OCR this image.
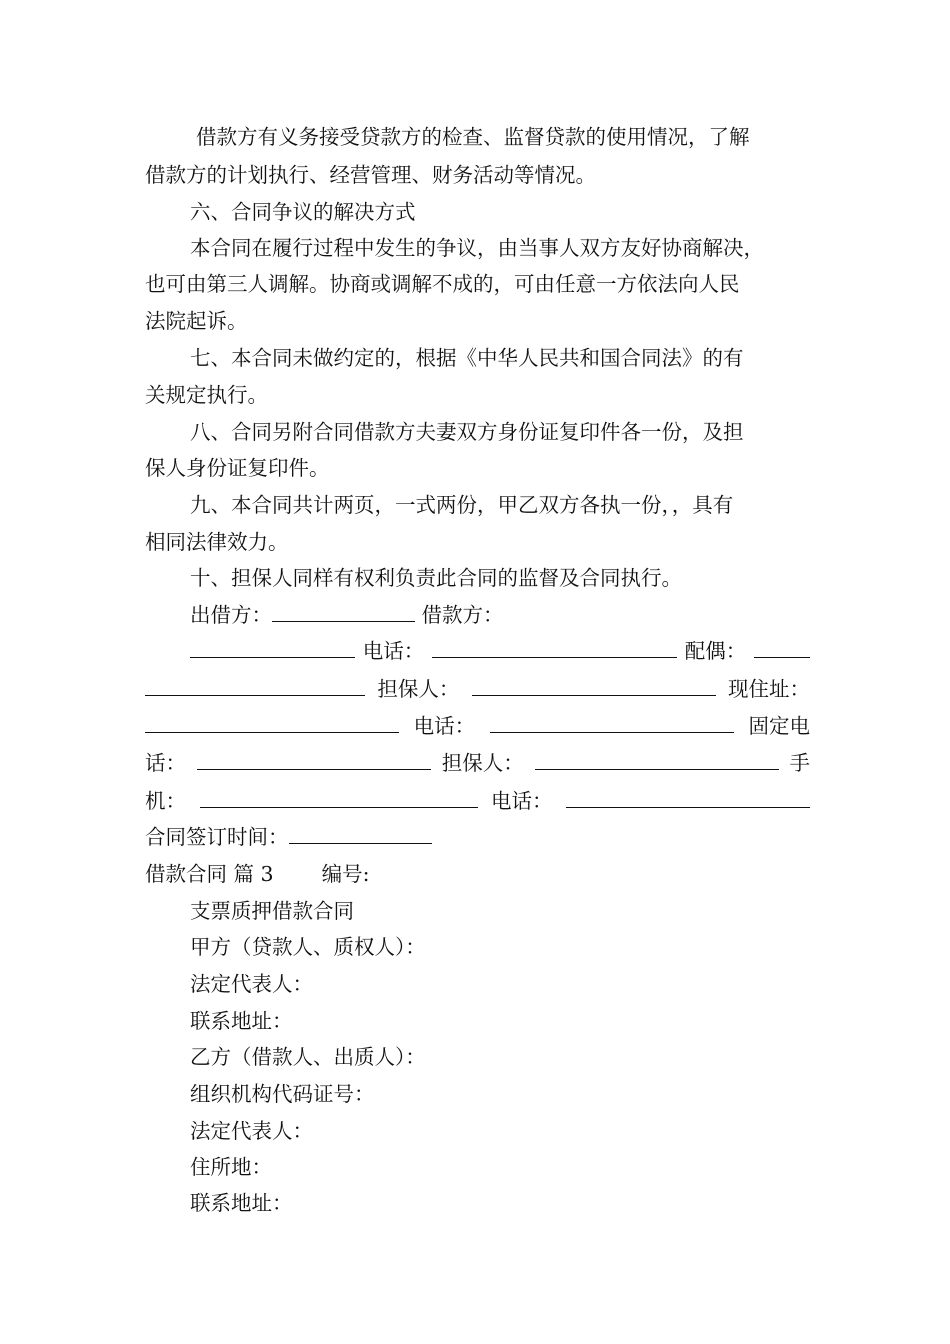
借款方有义务接受贷款方的检查、监督贷款的使用情况，了解
借款方的计划执行、经营管理、财务活动等情况。
六、合同争议的解决方式
本合同在履行过程中发生的争议，由当事人双方友好协商解决，
也可由第三人调解。协商或调解不成的，可由任意一方依法向人民
法院起诉。
七、本合同未做约定的，根据《中华人民共和国合同法》的有
关规定执行。
八、合同另附合同借款方夫妻双方身份证复印件各一份，及担
保人身份证复印件。
九、本合同共计两页，一式两份，甲乙双方各执一份，，具有
相同法律效力。
十、担保人同样有权利负责此合同的监督及合同执行。
出借方：	借款方：
电话：	配偶：
担保人：	现住址：
电话：	固定电
话：	担保人：	手
机：	电话：
合同签订时间：
借款合同 篇 3 编号:
支票质押借款合同
甲方（贷款人、质权人）：
法定代表人：
联系地址：
乙方（借款人、出质人）：
组织机构代码证号：
法定代表人：
住所地：
联系地址：
